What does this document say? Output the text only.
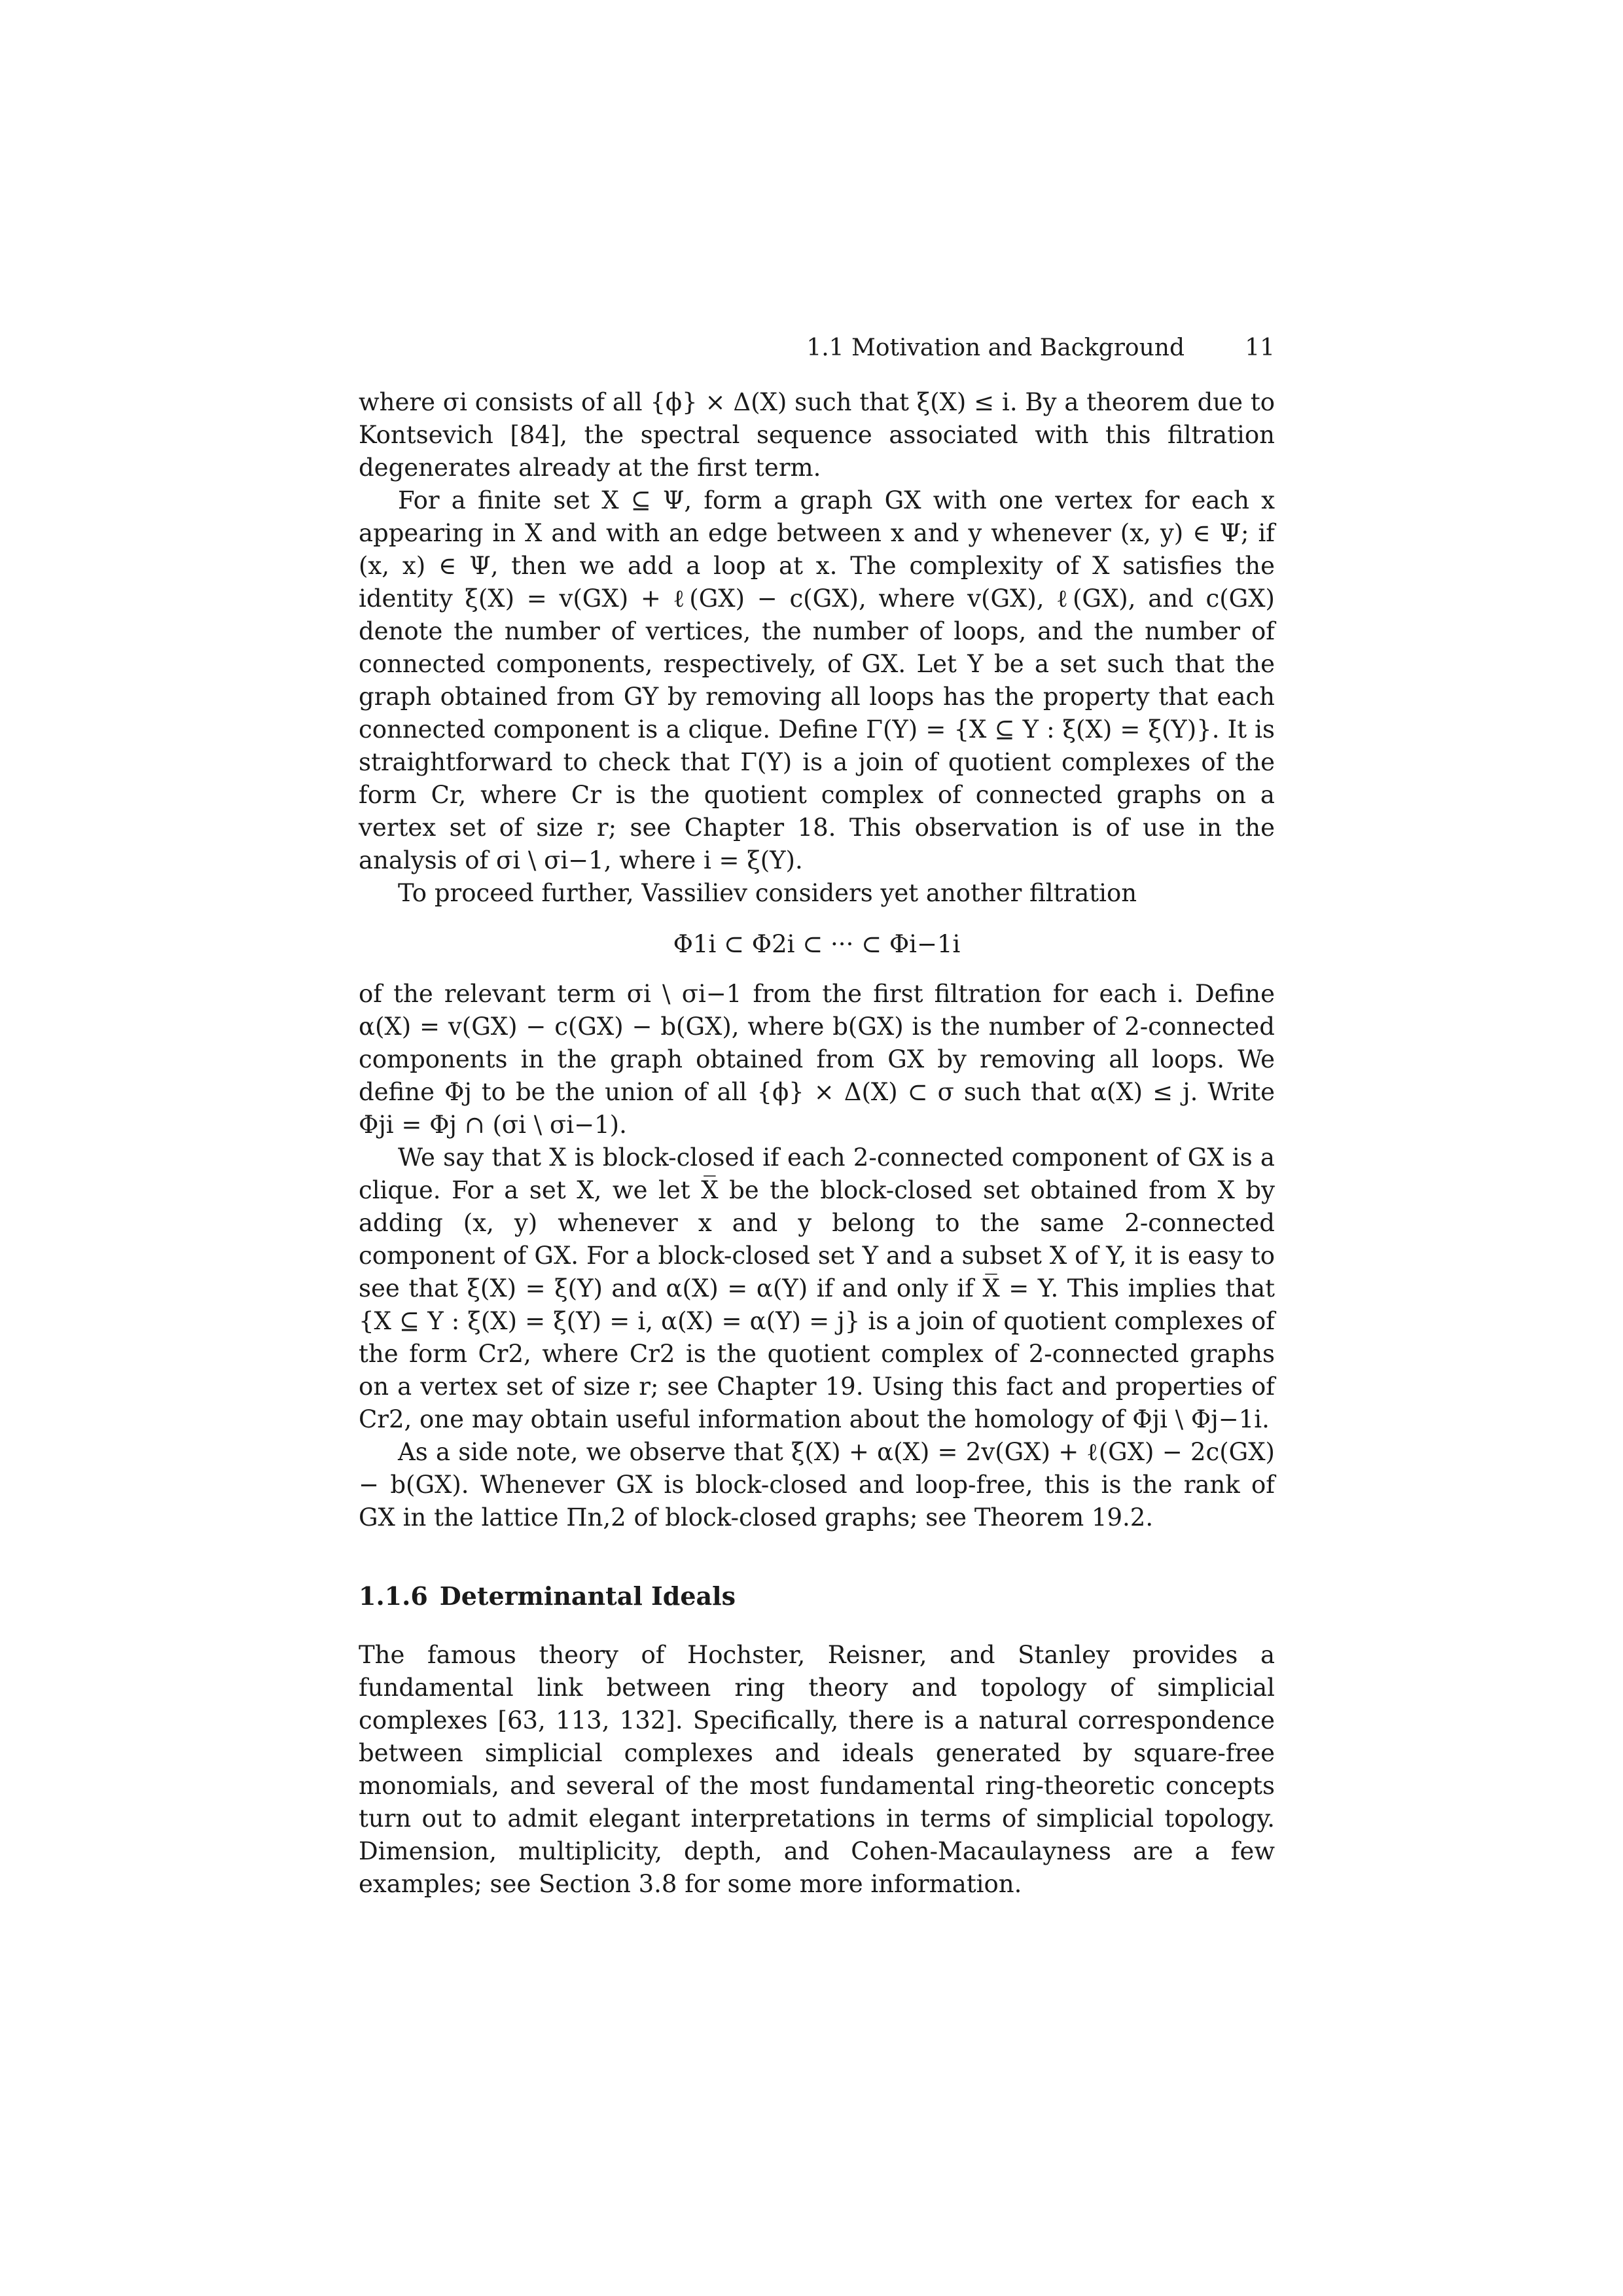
1.1 Motivation and Background	11

where σi consists of all {ϕ} × Δ(X) such that ξ(X) ≤ i. By a theorem due to Kontsevich [84], the spectral sequence associated with this filtration degenerates already at the first term.

For a finite set X ⊆ Ψ, form a graph GX with one vertex for each x appearing in X and with an edge between x and y whenever (x, y) ∈ Ψ; if (x, x) ∈ Ψ, then we add a loop at x. The complexity of X satisfies the identity ξ(X) = v(GX) + ℓ(GX) − c(GX), where v(GX), ℓ(GX), and c(GX) denote the number of vertices, the number of loops, and the number of connected components, respectively, of GX. Let Y be a set such that the graph obtained from GY by removing all loops has the property that each connected component is a clique. Define Γ(Y) = {X ⊆ Y : ξ(X) = ξ(Y)}. It is straightforward to check that Γ(Y) is a join of quotient complexes of the form Cr, where Cr is the quotient complex of connected graphs on a vertex set of size r; see Chapter 18. This observation is of use in the analysis of σi \ σi−1, where i = ξ(Y).

To proceed further, Vassiliev considers yet another filtration

Φ1i ⊂ Φ2i ⊂ ··· ⊂ Φi−1i

of the relevant term σi \ σi−1 from the first filtration for each i. Define α(X) = v(GX) − c(GX) − b(GX), where b(GX) is the number of 2-connected components in the graph obtained from GX by removing all loops. We define Φj to be the union of all {ϕ} × Δ(X) ⊂ σ such that α(X) ≤ j. Write Φji = Φj ∩ (σi \ σi−1).

We say that X is block-closed if each 2-connected component of GX is a clique. For a set X, we let X̅ be the block-closed set obtained from X by adding (x, y) whenever x and y belong to the same 2-connected component of GX. For a block-closed set Y and a subset X of Y, it is easy to see that ξ(X) = ξ(Y) and α(X) = α(Y) if and only if X̅ = Y. This implies that {X ⊆ Y : ξ(X) = ξ(Y) = i, α(X) = α(Y) = j} is a join of quotient complexes of the form Cr2, where Cr2 is the quotient complex of 2-connected graphs on a vertex set of size r; see Chapter 19. Using this fact and properties of Cr2, one may obtain useful information about the homology of Φji \ Φj−1i.

As a side note, we observe that ξ(X) + α(X) = 2v(GX) + ℓ(GX) − 2c(GX) − b(GX). Whenever GX is block-closed and loop-free, this is the rank of GX in the lattice Πn,2 of block-closed graphs; see Theorem 19.2.

1.1.6 Determinantal Ideals

The famous theory of Hochster, Reisner, and Stanley provides a fundamental link between ring theory and topology of simplicial complexes [63, 113, 132]. Specifically, there is a natural correspondence between simplicial complexes and ideals generated by square-free monomials, and several of the most fundamental ring-theoretic concepts turn out to admit elegant interpretations in terms of simplicial topology. Dimension, multiplicity, depth, and Cohen-Macaulayness are a few examples; see Section 3.8 for some more information.
